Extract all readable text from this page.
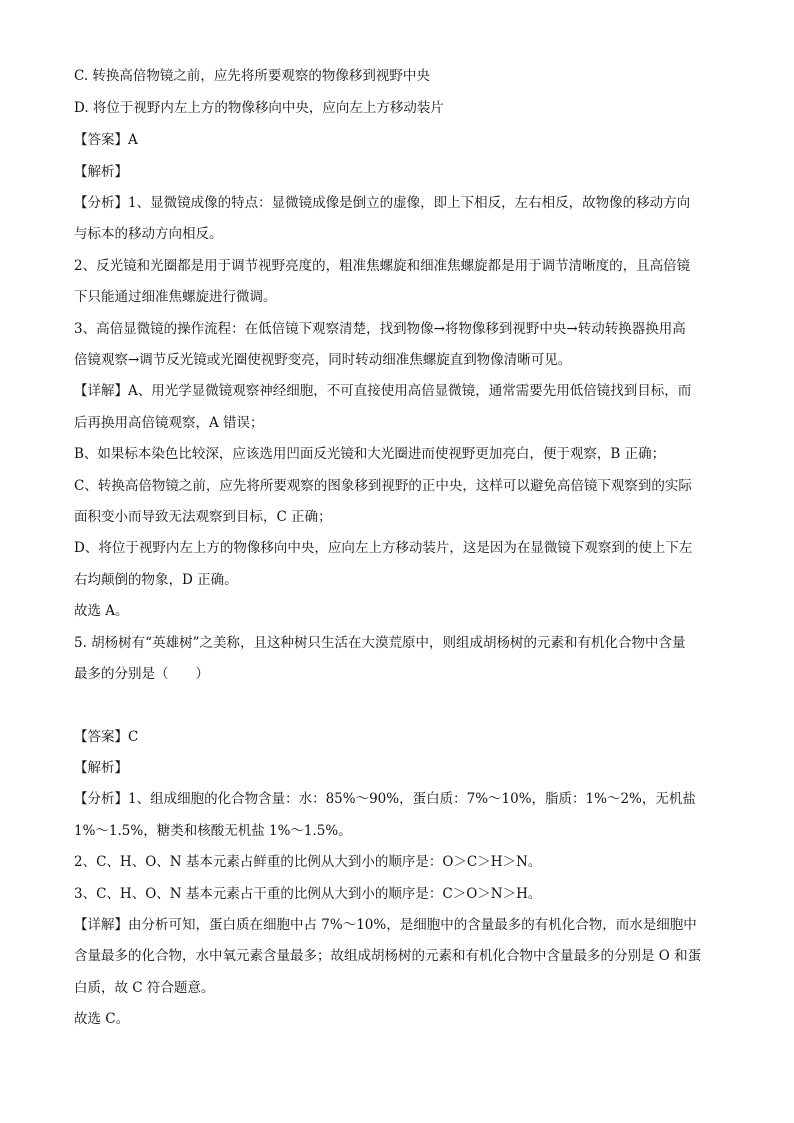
C. 转换高倍物镜之前，应先将所要观察的物像移到视野中央
D. 将位于视野内左上方的物像移向中央，应向左上方移动装片
【答案】A
【解析】
【分析】1、显微镜成像的特点：显微镜成像是倒立的虚像，即上下相反，左右相反，故物像的移动方向
与标本的移动方向相反。
2、反光镜和光圈都是用于调节视野亮度的，粗准焦螺旋和细准焦螺旋都是用于调节清晰度的，且高倍镜
下只能通过细准焦螺旋进行微调。
3、高倍显微镜的操作流程：在低倍镜下观察清楚，找到物像→将物像移到视野中央→转动转换器换用高
倍镜观察→调节反光镜或光圈使视野变亮，同时转动细准焦螺旋直到物像清晰可见。
【详解】A、用光学显微镜观察神经细胞，不可直接使用高倍显微镜，通常需要先用低倍镜找到目标，而
后再换用高倍镜观察，A 错误；
B、如果标本染色比较深，应该选用凹面反光镜和大光圈进而使视野更加亮白，便于观察，B 正确；
C、转换高倍物镜之前，应先将所要观察的图象移到视野的正中央，这样可以避免高倍镜下观察到的实际
面积变小而导致无法观察到目标，C 正确；
D、将位于视野内左上方的物像移向中央，应向左上方移动装片，这是因为在显微镜下观察到的使上下左
右均颠倒的物象，D 正确。
故选 A。
5. 胡杨树有“英雄树”之美称，且这种树只生活在大漠荒原中，则组成胡杨树的元素和有机化合物中含量
最多的分别是（　　）
【答案】C
【解析】
【分析】1、组成细胞的化合物含量：水：85%～90%，蛋白质：7%～10%，脂质：1%～2%，无机盐
1%～1.5%，糖类和核酸无机盐 1%～1.5%。
2、C、H、O、N 基本元素占鲜重的比例从大到小的顺序是：O＞C＞H＞N。
3、C、H、O、N 基本元素占干重的比例从大到小的顺序是：C＞O＞N＞H。
【详解】由分析可知，蛋白质在细胞中占 7%～10%，是细胞中的含量最多的有机化合物，而水是细胞中
含量最多的化合物，水中氧元素含量最多；故组成胡杨树的元素和有机化合物中含量最多的分别是 O 和蛋
白质，故 C 符合题意。
故选 C。
